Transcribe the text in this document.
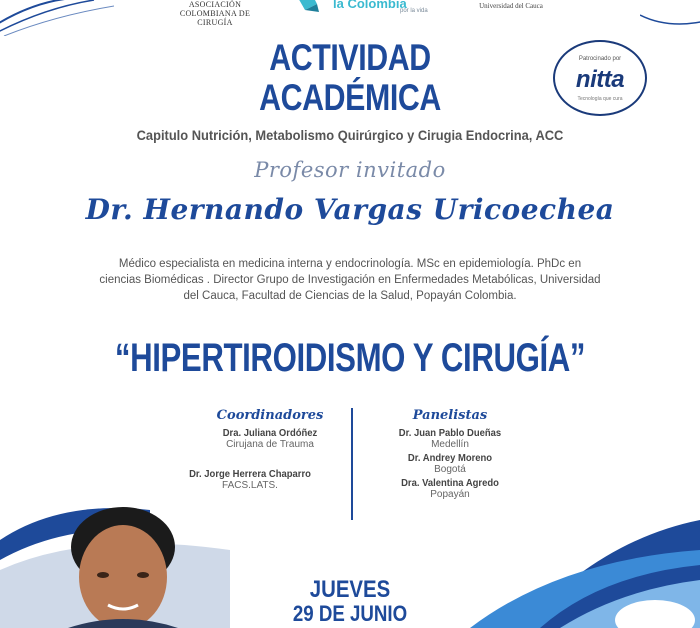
ASOCIACIÓN COLOMBIANA DE CIRUGÍA
la Colombia
por la vida
Universidad del Cauca
Patrocinado por
nitta
Tecnología que cura
ACTIVIDAD
ACADÉMICA
Capitulo Nutrición, Metabolismo Quirúrgico y Cirugia Endocrina, ACC
Profesor invitado
Dr. Hernando Vargas Uricoechea
Médico especialista en medicina interna y endocrinología. MSc en epidemiología. PhDc en
ciencias Biomédicas . Director Grupo de Investigación en Enfermedades Metabólicas, Universidad
del Cauca, Facultad de Ciencias de la Salud, Popayán Colombia.
“HIPERTIROIDISMO Y CIRUGÍA”
Coordinadores
Dra. Juliana Ordóñez
Cirujana de Trauma
Dr. Jorge Herrera Chaparro
FACS.LATS.
Panelistas
Dr. Juan Pablo Dueñas
Medellín
Dr. Andrey Moreno
Bogotá
Dra. Valentina Agredo
Popayán
JUEVES
29 DE JUNIO
